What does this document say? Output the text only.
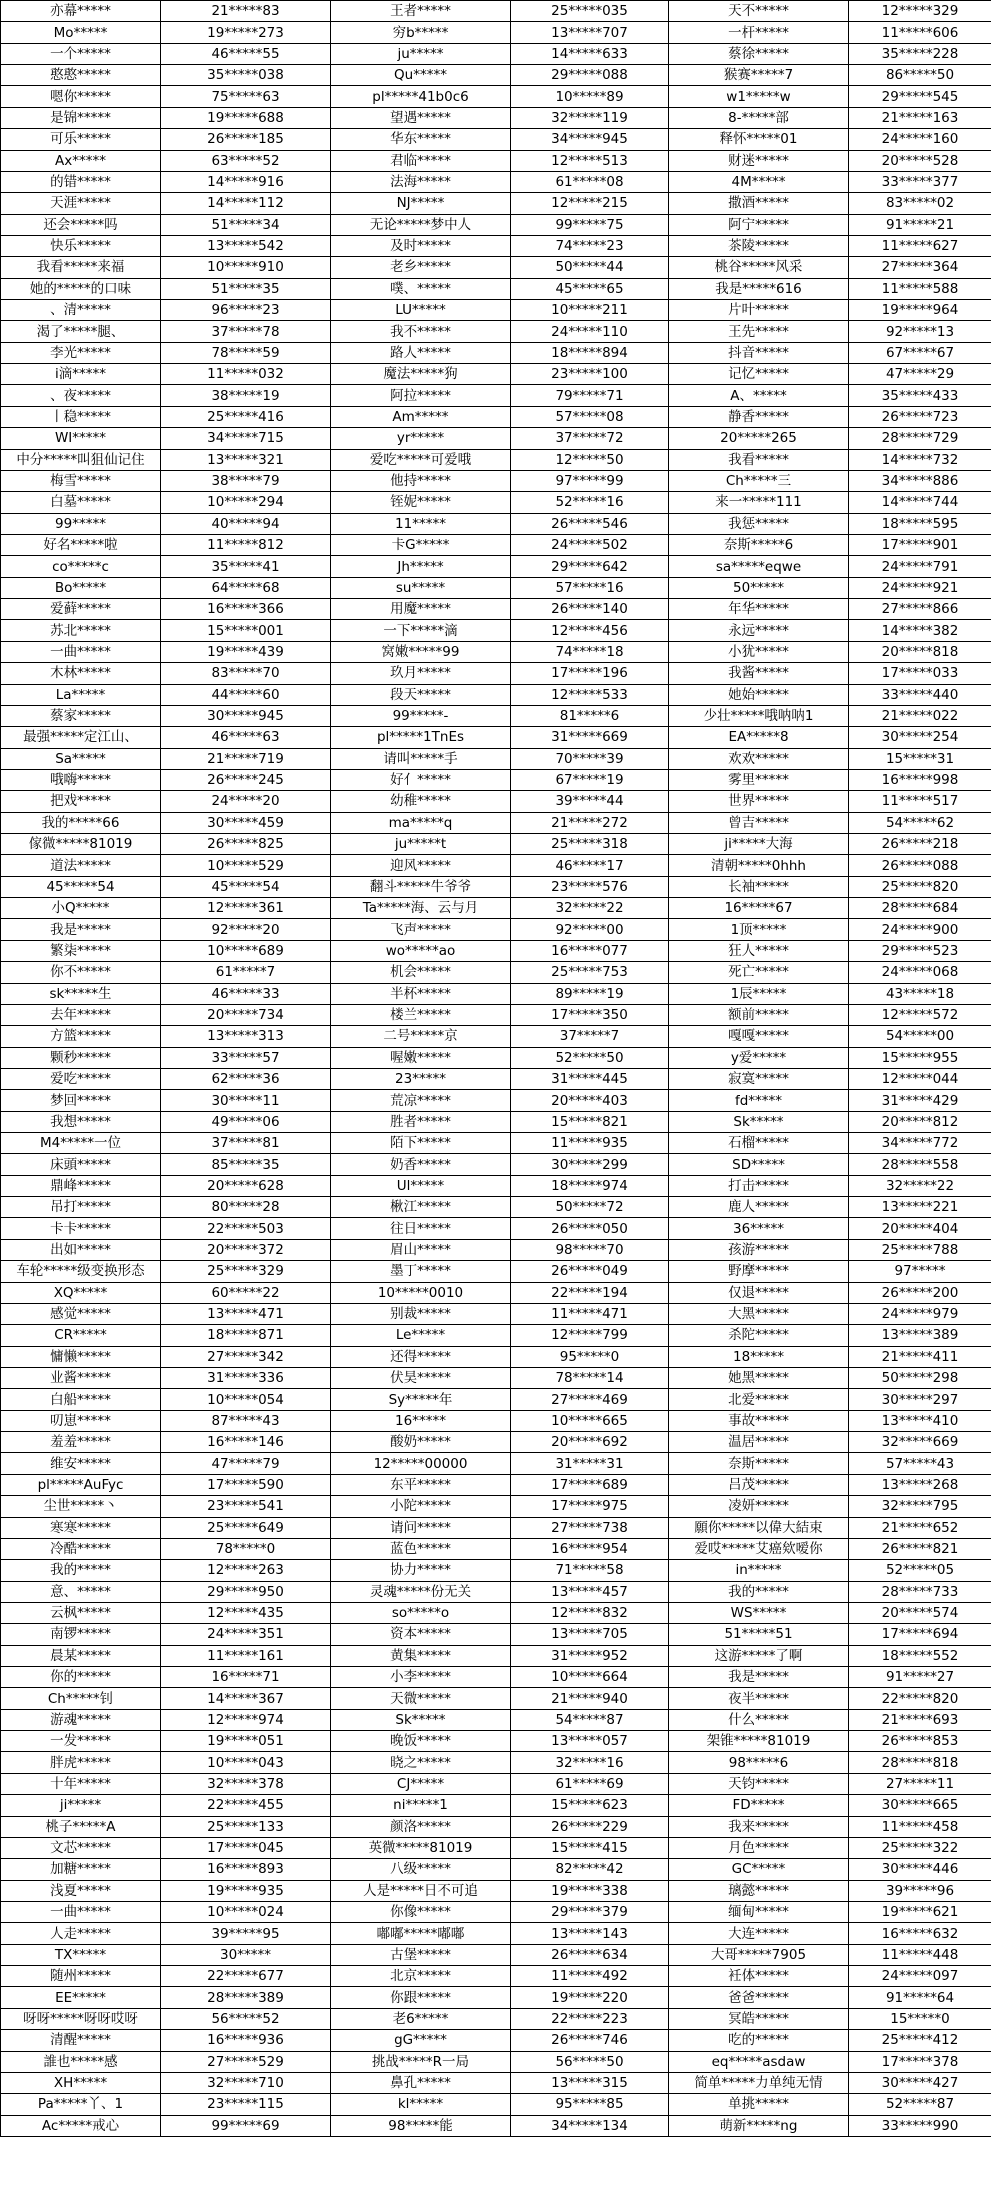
亦幕*****	21*****83	王者*****	25*****035	天不*****	12*****329
Mo*****	19*****273	穷b*****	13*****707	一杆*****	11*****606
一个*****	46*****55	ju*****	14*****633	蔡徐*****	35*****228
憨憨*****	35*****038	Qu*****	29*****088	猴赛*****7	86*****50
嗯你*****	75*****63	pl*****41b0c6	10*****89	w1*****w	29*****545
是锦*****	19*****688	望遇*****	32*****119	8-*****部	21*****163
可乐*****	26*****185	华东*****	34*****945	释怀*****01	24*****160
Ax*****	63*****52	君临*****	12*****513	财迷*****	20*****528
的错*****	14*****916	法海*****	61*****08	4M*****	33*****377
天涯*****	14*****112	NJ*****	12*****215	撒酒*****	83*****02
还会*****吗	51*****34	无论*****梦中人	99*****75	阿宁*****	91*****21
快乐*****	13*****542	及时*****	74*****23	茶陵*****	11*****627
我看*****来福	10*****910	老乡*****	50*****44	桃谷*****风采	27*****364
她的*****的口味	51*****35	噗、*****	45*****65	我是*****616	11*****588
、清*****	96*****23	LU*****	10*****211	片叶*****	19*****964
渴了*****腿、	37*****78	我不*****	24*****110	王先*****	92*****13
李光*****	78*****59	路人*****	18*****894	抖音*****	67*****67
i滴*****	11*****032	魔法*****狗	23*****100	记忆*****	47*****29
、夜*****	38*****19	阿拉*****	79*****71	A、*****	35*****433
丨稳*****	25*****416	Am*****	57*****08	静香*****	26*****723
WI*****	34*****715	yr*****	37*****72	20*****265	28*****729
中分*****叫狙仙记住	13*****321	爱吃*****可爱哦	12*****50	我看*****	14*****732
梅雪*****	38*****79	他持*****	97*****99	Ch*****三	34*****886
白墓*****	10*****294	铚妮*****	52*****16	来一*****111	14*****744
99*****	40*****94	11*****	26*****546	我惩*****	18*****595
好名*****啦	11*****812	卡G*****	24*****502	奈斯*****6	17*****901
co*****c	35*****41	Jh*****	29*****642	sa*****eqwe	24*****791
Bo*****	64*****68	su*****	57*****16	50*****	24*****921
爱藓*****	16*****366	用魔*****	26*****140	年华*****	27*****866
苏北*****	15*****001	一下*****滴	12*****456	永远*****	14*****382
一曲*****	19*****439	窝嫩*****99	74*****18	小犹*****	20*****818
木林*****	83*****70	玖月*****	17*****196	我酱*****	17*****033
La*****	44*****60	段天*****	12*****533	她始*****	33*****440
蔡家*****	30*****945	99*****-	81*****6	少壮*****哦呐呐1	21*****022
最强*****定江山、	46*****63	pl*****1TnEs	31*****669	EA*****8	30*****254
Sa*****	21*****719	请叫*****手	70*****39	欢欢*****	15*****31
哦嗨*****	26*****245	好亻*****	67*****19	雾里*****	16*****998
把戏*****	24*****20	幼稚*****	39*****44	世界*****	11*****517
我的*****66	30*****459	ma*****q	21*****272	曾吉*****	54*****62
傢微*****81019	26*****825	ju*****t	25*****318	ji*****大海	26*****218
道法*****	10*****529	迎风*****	46*****17	清朝*****0hhh	26*****088
45*****54	45*****54	翻斗*****牛爷爷	23*****576	长袖*****	25*****820
小Q*****	12*****361	Ta*****海、云与月	32*****22	16*****67	28*****684
我是*****	92*****20	飞声*****	92*****00	1顶*****	24*****900
繁柒*****	10*****689	wo*****ao	16*****077	狂人*****	29*****523
你不*****	61*****7	机会*****	25*****753	死亡*****	24*****068
sk*****生	46*****33	半杯*****	89*****19	1辰*****	43*****18
去年*****	20*****734	楼兰*****	17*****350	额前*****	12*****572
方篮*****	13*****313	二号*****京	37*****7	嘎嘎*****	54*****00
颗秒*****	33*****57	喔嫩*****	52*****50	y爱*****	15*****955
爱吃*****	62*****36	23*****	31*****445	寂寞*****	12*****044
梦回*****	30*****11	荒凉*****	20*****403	fd*****	31*****429
我想*****	49*****06	胜者*****	15*****821	Sk*****	20*****812
M4*****一位	37*****81	陌下*****	11*****935	石榴*****	34*****772
床頭*****	85*****35	奶香*****	30*****299	SD*****	28*****558
鼎峰*****	20*****628	Ul*****	18*****974	打击*****	32*****22
吊打*****	80*****28	楸江*****	50*****72	鹿人*****	13*****221
卡卡*****	22*****503	往日*****	26*****050	36*****	20*****404
出如*****	20*****372	眉山*****	98*****70	孩游*****	25*****788
车轮*****级变换形态	25*****329	墨丁*****	26*****049	野摩*****	97*****
XQ*****	60*****22	10*****0010	22*****194	仅退*****	26*****200
感觉*****	13*****471	别裁*****	11*****471	大黑*****	24*****979
CR*****	18*****871	Le*****	12*****799	杀陀*****	13*****389
慵懒*****	27*****342	还得*****	95*****0	18*****	21*****411
业酱*****	31*****336	伏昊*****	78*****14	她黑*****	50*****298
白船*****	10*****054	Sy*****年	27*****469	北爱*****	30*****297
叨崽*****	87*****43	16*****	10*****665	事故*****	13*****410
羞羞*****	16*****146	酸奶*****	20*****692	温居*****	32*****669
维安*****	47*****79	12*****00000	31*****31	奈斯*****	57*****43
pl*****AuFyc	17*****590	东平*****	17*****689	吕茂*****	13*****268
尘世*****丶	23*****541	小陀*****	17*****975	凌妍*****	32*****795
寒寒*****	25*****649	请问*****	27*****738	願你*****以偉大結束	21*****652
冷酷*****	78*****0	蓝色*****	16*****954	爱哎*****艾癌欸嗳你	26*****821
我的*****	12*****263	协力*****	71*****58	in*****	52*****05
意、*****	29*****950	灵魂*****份无关	13*****457	我的*****	28*****733
云枫*****	12*****435	so*****o	12*****832	WS*****	20*****574
南锣*****	24*****351	资本*****	13*****705	51*****51	17*****694
晨某*****	11*****161	黄集*****	31*****952	这游*****了啊	18*****552
你的*****	16*****71	小李*****	10*****664	我是*****	91*****27
Ch*****钊	14*****367	天微*****	21*****940	夜半*****	22*****820
游魂*****	12*****974	Sk*****	54*****87	什么*****	21*****693
一发*****	19*****051	晚饭*****	13*****057	架锥*****81019	26*****853
胖虎*****	10*****043	晓之*****	32*****16	98*****6	28*****818
十年*****	32*****378	CJ*****	61*****69	天钧*****	27*****11
ji*****	22*****455	ni*****1	15*****623	FD*****	30*****665
桃子*****A	25*****133	颜洛*****	26*****229	我来*****	11*****458
文芯*****	17*****045	英微*****81019	15*****415	月色*****	25*****322
加糖*****	16*****893	八级*****	82*****42	GC*****	30*****446
浅夏*****	19*****935	人是*****日不可追	19*****338	璃懿*****	39*****96
一曲*****	10*****024	你像*****	29*****379	缅甸*****	19*****621
人走*****	39*****95	嘟嘟*****嘟嘟	13*****143	大连*****	16*****632
TX*****	30*****	古堡*****	26*****634	大哥*****7905	11*****448
随州*****	22*****677	北京*****	11*****492	衽体*****	24*****097
EE*****	28*****389	你跟*****	19*****220	爸爸*****	91*****64
呀呀*****呀呀哎呀	56*****52	老6*****	22*****223	冥皓*****	15*****0
清醒*****	16*****936	gG*****	26*****746	吃的*****	25*****412
誰也*****感	27*****529	挑战*****R一局	56*****50	eq*****asdaw	17*****378
XH*****	32*****710	鼻孔*****	13*****315	简单*****力单纯无情	30*****427
Pa*****丫、1	23*****115	kl*****	95*****85	单挑*****	52*****87
Ac*****戒心	99*****69	98*****能	34*****134	萌新*****ng	33*****990
